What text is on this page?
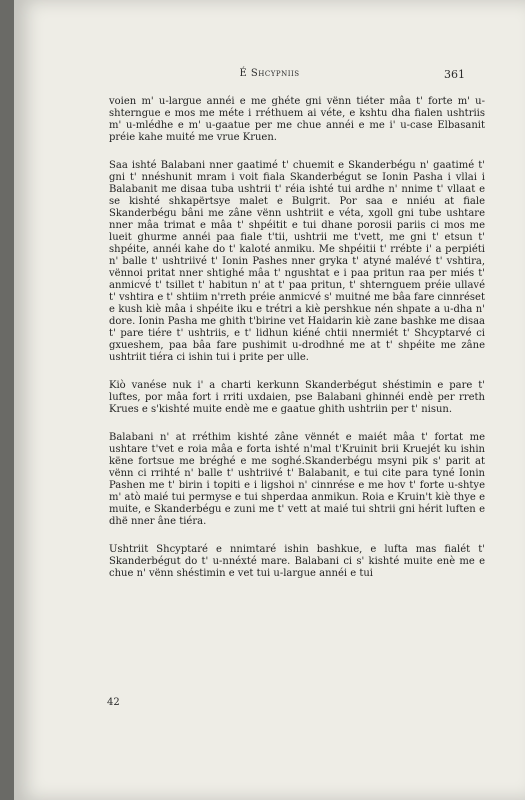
É Shcypniis	361

voien m' u-largue annéi e me ghéte gni vënn tiéter mâa t' forte m' u-shterngue e mos me méte i rréthuem ai véte, e kshtu dha fialen ushtriis m' u-mlédhe e m' u-gaatue per me chue annéi e me i' u-case Elbasanit préie kahe muité me vrue Kruen.

Saa ishté Balabani nner gaatimé t' chuemit e Skanderbégu n' gaatimé t' gni t' nnéshunit mram i voit fiala Skanderbégut se Ionin Pasha i vllai i Balabanit me disaa tuba ushtrii t' réia ishté tui ardhe n' nnime t' vllaat e se kishté shkapërtsye malet e Bulgrit. Por saa e nniéu at fiale Skanderbégu bâni me zâne vënn ushtriit e véta, xgoll gni tube ushtare nner mâa trimat e mâa t' shpéitit e tui dhane porosii pariis ci mos me lueit ghurme annéi paa fiale t'tii, ushtrii me t'vett, me gni t' etsun t' shpéite, annéi kahe do t' kaloté anmiku. Me shpéitii t' rrébte i' a perpiéti n' balle t' ushtriivé t' Ionin Pashes nner gryka t' atyné malévé t' vshtira, vënnoi pritat nner shtighé mâa t' ngushtat e i paa pritun raa per miés t' anmicvé t' tsillet t' habitun n' at t' paa pritun, t' shternguem préie ullavé t' vshtira e t' shtiim n'rreth préie anmicvé s' muitné me bâa fare cinnréset e kush kiè mâa i shpéite iku e trétri a kiè pershkue nén shpate a u-dha n' dore. Ionin Pasha me ghith t'birine vet Haidarin kiè zane bashke me disaa t' pare tiére t' ushtriis, e t' lidhun kiéné chtii nnermiét t' Shcyptarvé ci gxueshem, paa bâa fare pushimit u-drodhné me at t' shpéite me zâne ushtriit tiéra ci ishin tui i prite per ulle.

Kiò vanése nuk i' a charti kerkunn Skanderbégut shéstimin e pare t' luftes, por mâa fort i rriti uxdaien, pse Balabani ghinnéi endè per rreth Krues e s'kishté muite endè me e gaatue ghith ushtriin per t' nisun.

Balabani n' at rréthim kishté zâne vënnét e maiét mâa t' fortat me ushtare t'vet e roia mâa e forta ishté n'mal t'Kruinit brii Kruejét ku ishin këne fortsue me bréghé e me soghé.Skanderbégu msyni pik s' parit at vënn ci rrihté n' balle t' ushtriivé t' Balabanit, e tui cite para tyné Ionin Pashen me t' birin i topiti e i ligshoi n' cinnrése e me hov t' forte u-shtye m' atò maié tui permyse e tui shperdaa anmikun. Roia e Kruin't kiè thye e muite, e Skanderbégu e zuni me t' vett at maié tui shtrii gni hérit luften e dhë nner âne tiéra.

Ushtriit Shcyptaré e nnimtaré ishin bashkue, e lufta mas fialét t' Skanderbégut do t' u-nnéxté mare. Balabani ci s' kishté muite enè me e chue n' vënn shéstimin e vet tui u-largue annéi e tui

42
